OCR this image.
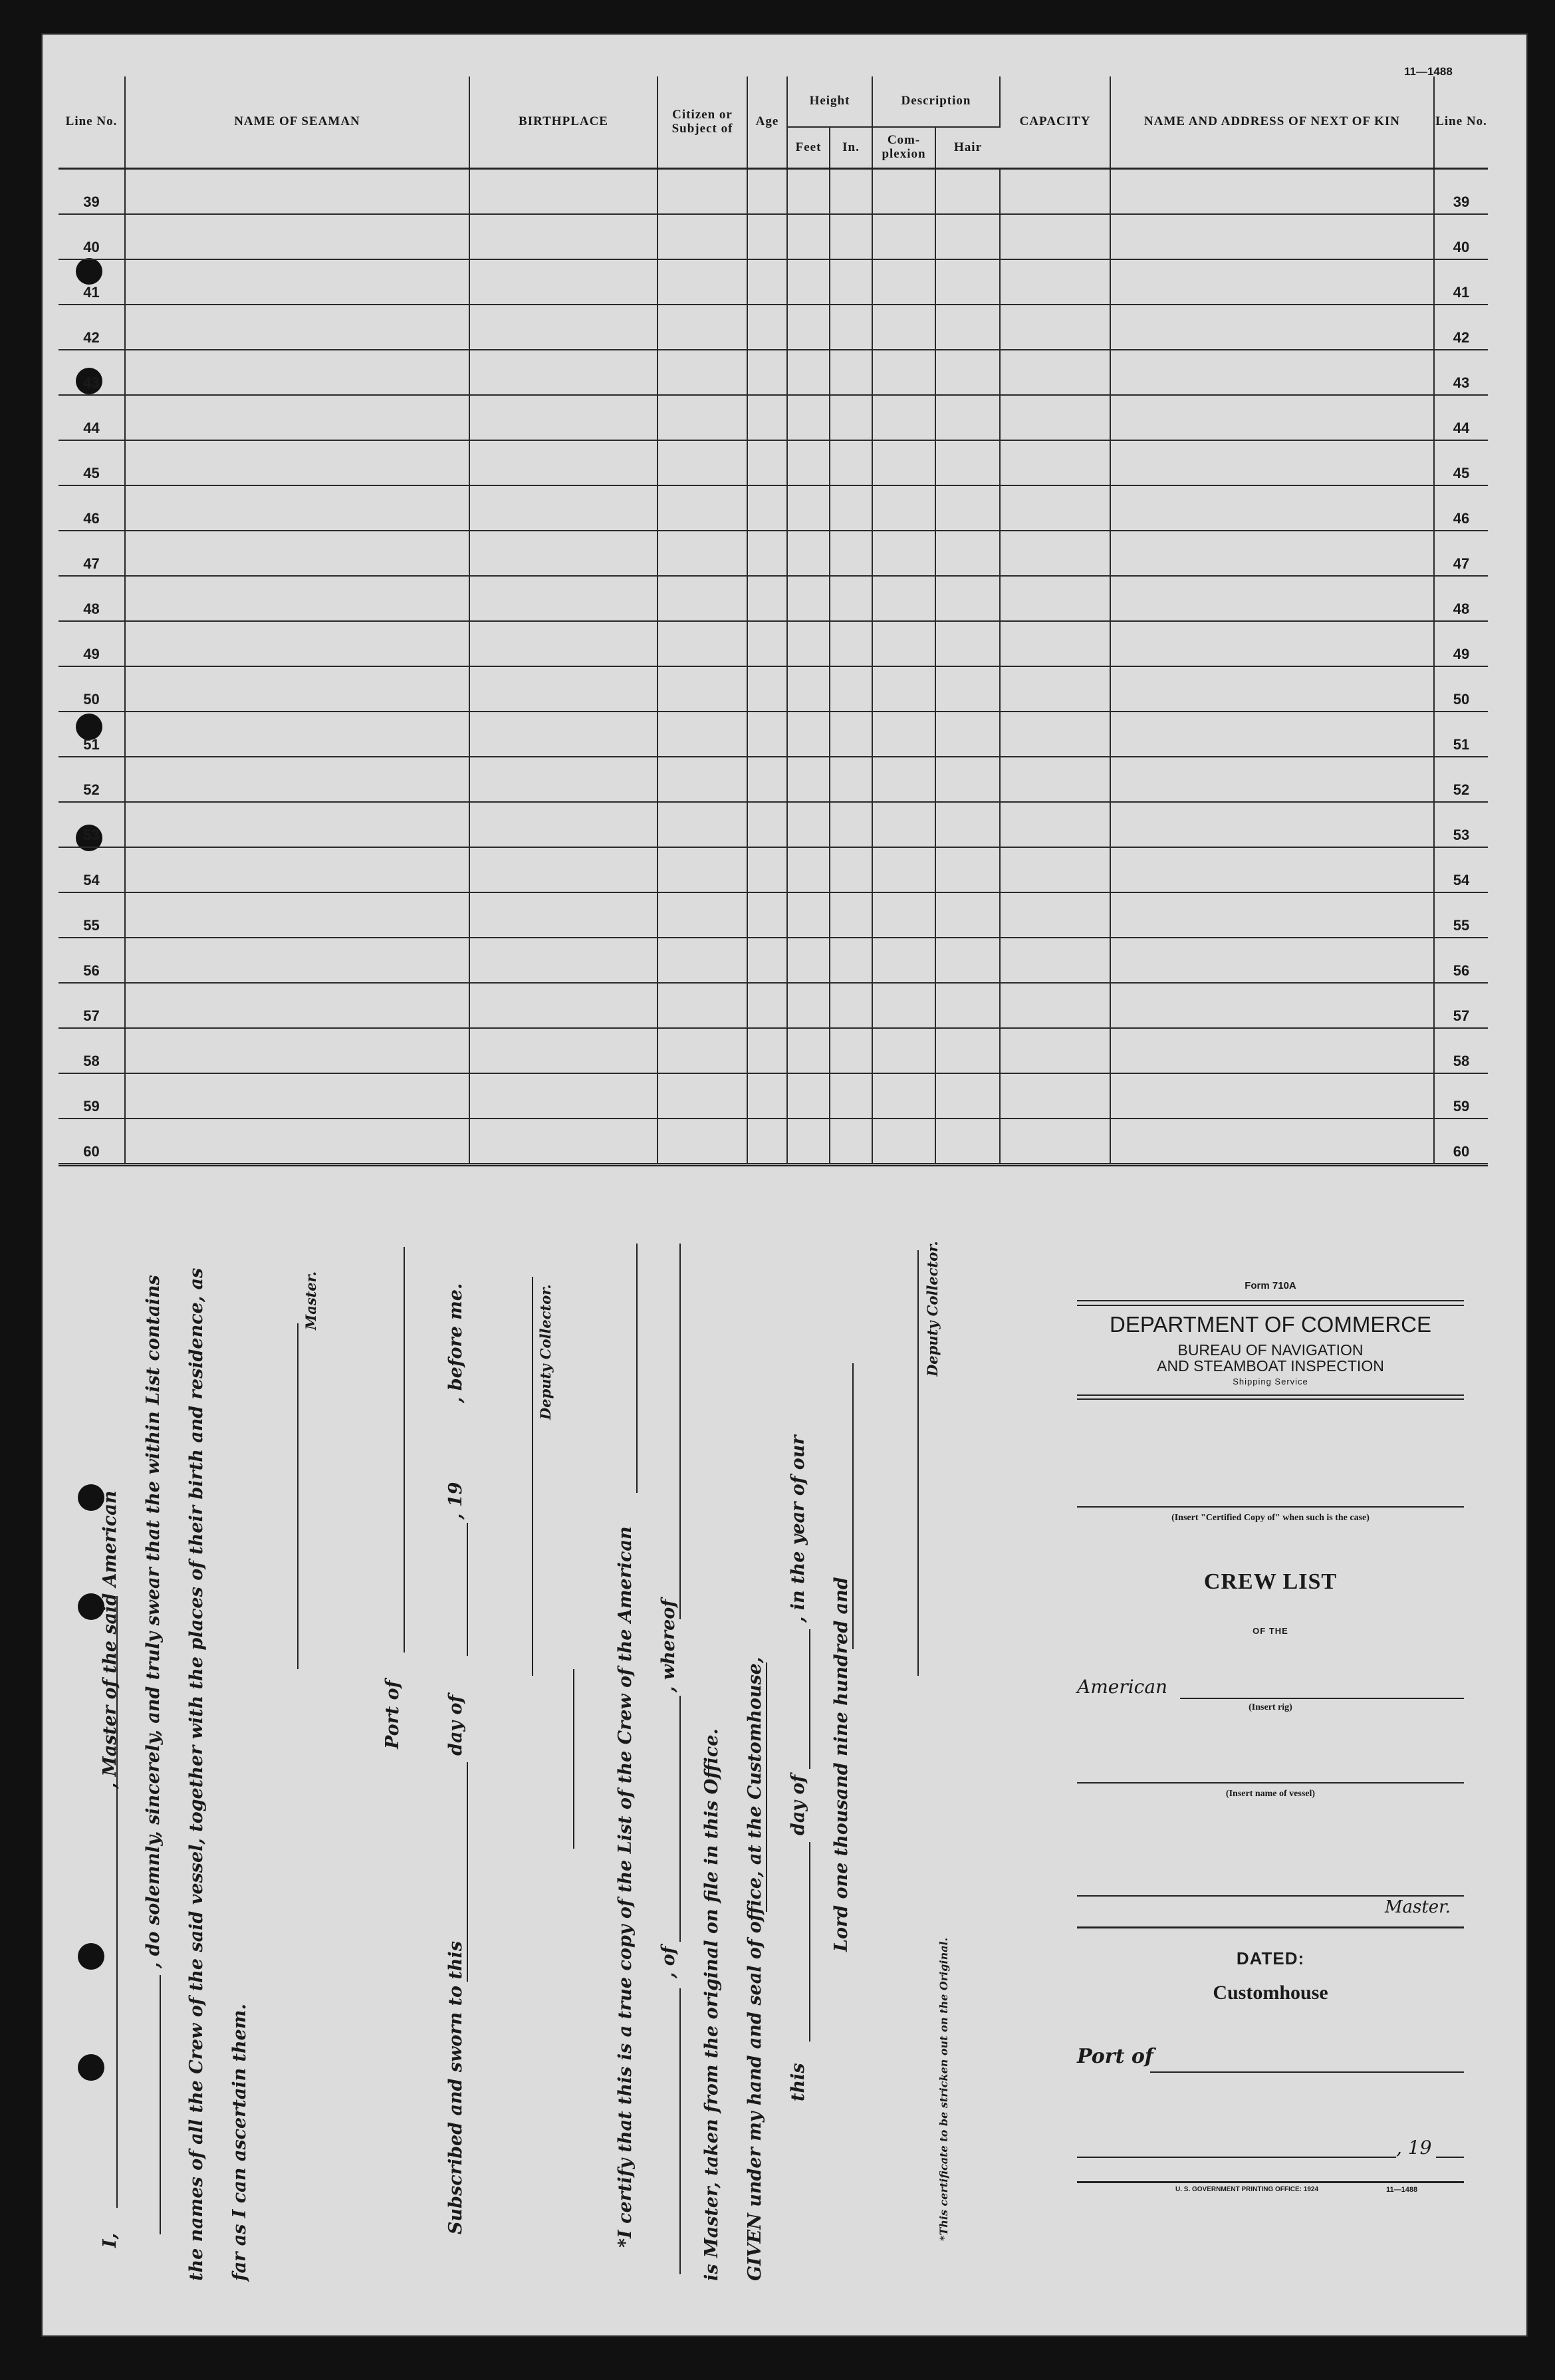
11—1488
Line No.	NAME OF SEAMAN	BIRTHPLACE	Citizen or Subject of	Age	Height		Description		CAPACITY	NAME AND ADDRESS OF NEXT OF KIN	Line No.
					Feet	In.	Com-plexion	Hair			
39											39
40											40
41											41
42											42
43											43
44											44
45											45
46											46
47											47
48											48
49											49
50											50
51											51
52											52
53											53
54											54
55											55
56											56
57											57
58											58
59											59
60											60
I,
, Master of the said American , do solemnly, sincerely, and truly swear that the within List contains the names of all the Crew of the said vessel, together with the places of their birth and residence, as far as I can ascertain them.
Master.
Port of
Subscribed and sworn to this
day of
, 19
, before me.	Deputy Collector.
*I certify that this is a true copy of the List of the Crew of the American , of
, whereof
is Master, taken from the original on file in this Office. GIVEN under my hand and seal of office, at the Customhouse, this
day of
, in the year of our
Lord one thousand nine hundred and
Deputy Collector.
*This certificate to be stricken out on the Original.
Form 710A
DEPARTMENT OF COMMERCE
BUREAU OF NAVIGATION
AND STEAMBOAT INSPECTION
Shipping Service
(Insert "Certified Copy of" when such is the case)
CREW LIST
OF THE
American
(Insert rig)
(Insert name of vessel)
Master.
DATED:
Customhouse
Port of
, 19
U. S. GOVERNMENT PRINTING OFFICE: 1924	11—1488
